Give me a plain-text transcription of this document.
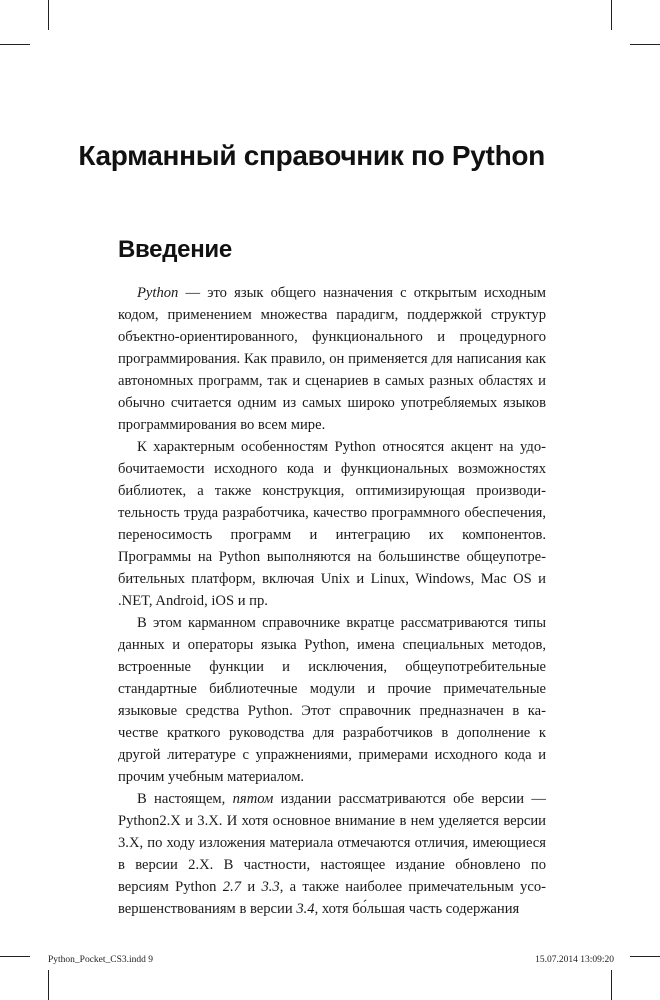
Карманный справочник по Python
Введение

Python — это язык общего назначения с открытым исходным кодом, применением множества парадигм, поддержкой структур объектно-ориентированного, функционального и процедурного программирования. Как правило, он применяется для написания как автономных программ, так и сценариев в самых разных областях и обычно считается одним из самых широко употребляемых языков программирования во всем мире.

К характерным особенностям Python относятся акцент на удобочитаемости исходного кода и функциональных возможностях библиотек, а также конструкция, оптимизирующая производительность труда разработчика, качество программного обеспечения, переносимость программ и интеграцию их компонентов. Программы на Python выполняются на большинстве общеупотребительных платформ, включая Unix и Linux, Windows, Mac OS и .NET, Android, iOS и пр.

В этом карманном справочнике вкратце рассматриваются типы данных и операторы языка Python, имена специальных методов, встроенные функции и исключения, общеупотребительные стандартные библиотечные модули и прочие примечательные языковые средства Python. Этот справочник предназначен в качестве краткого руководства для разработчиков в дополнение к другой литературе с упражнениями, примерами исходного кода и прочим учебным материалом.

В настоящем, пятом издании рассматриваются обе версии — Python2.X и 3.X. И хотя основное внимание в нем уделяется версии 3.X, по ходу изложения материала отмечаются отличия, имеющиеся в версии 2.X. В частности, настоящее издание обновлено по версиям Python 2.7 и 3.3, а также наиболее примечательным усовершенствованиям в версии 3.4, хотя бо́льшая часть содержания

Python_Pocket_CS3.indd 9	15.07.2014 13:09:20
